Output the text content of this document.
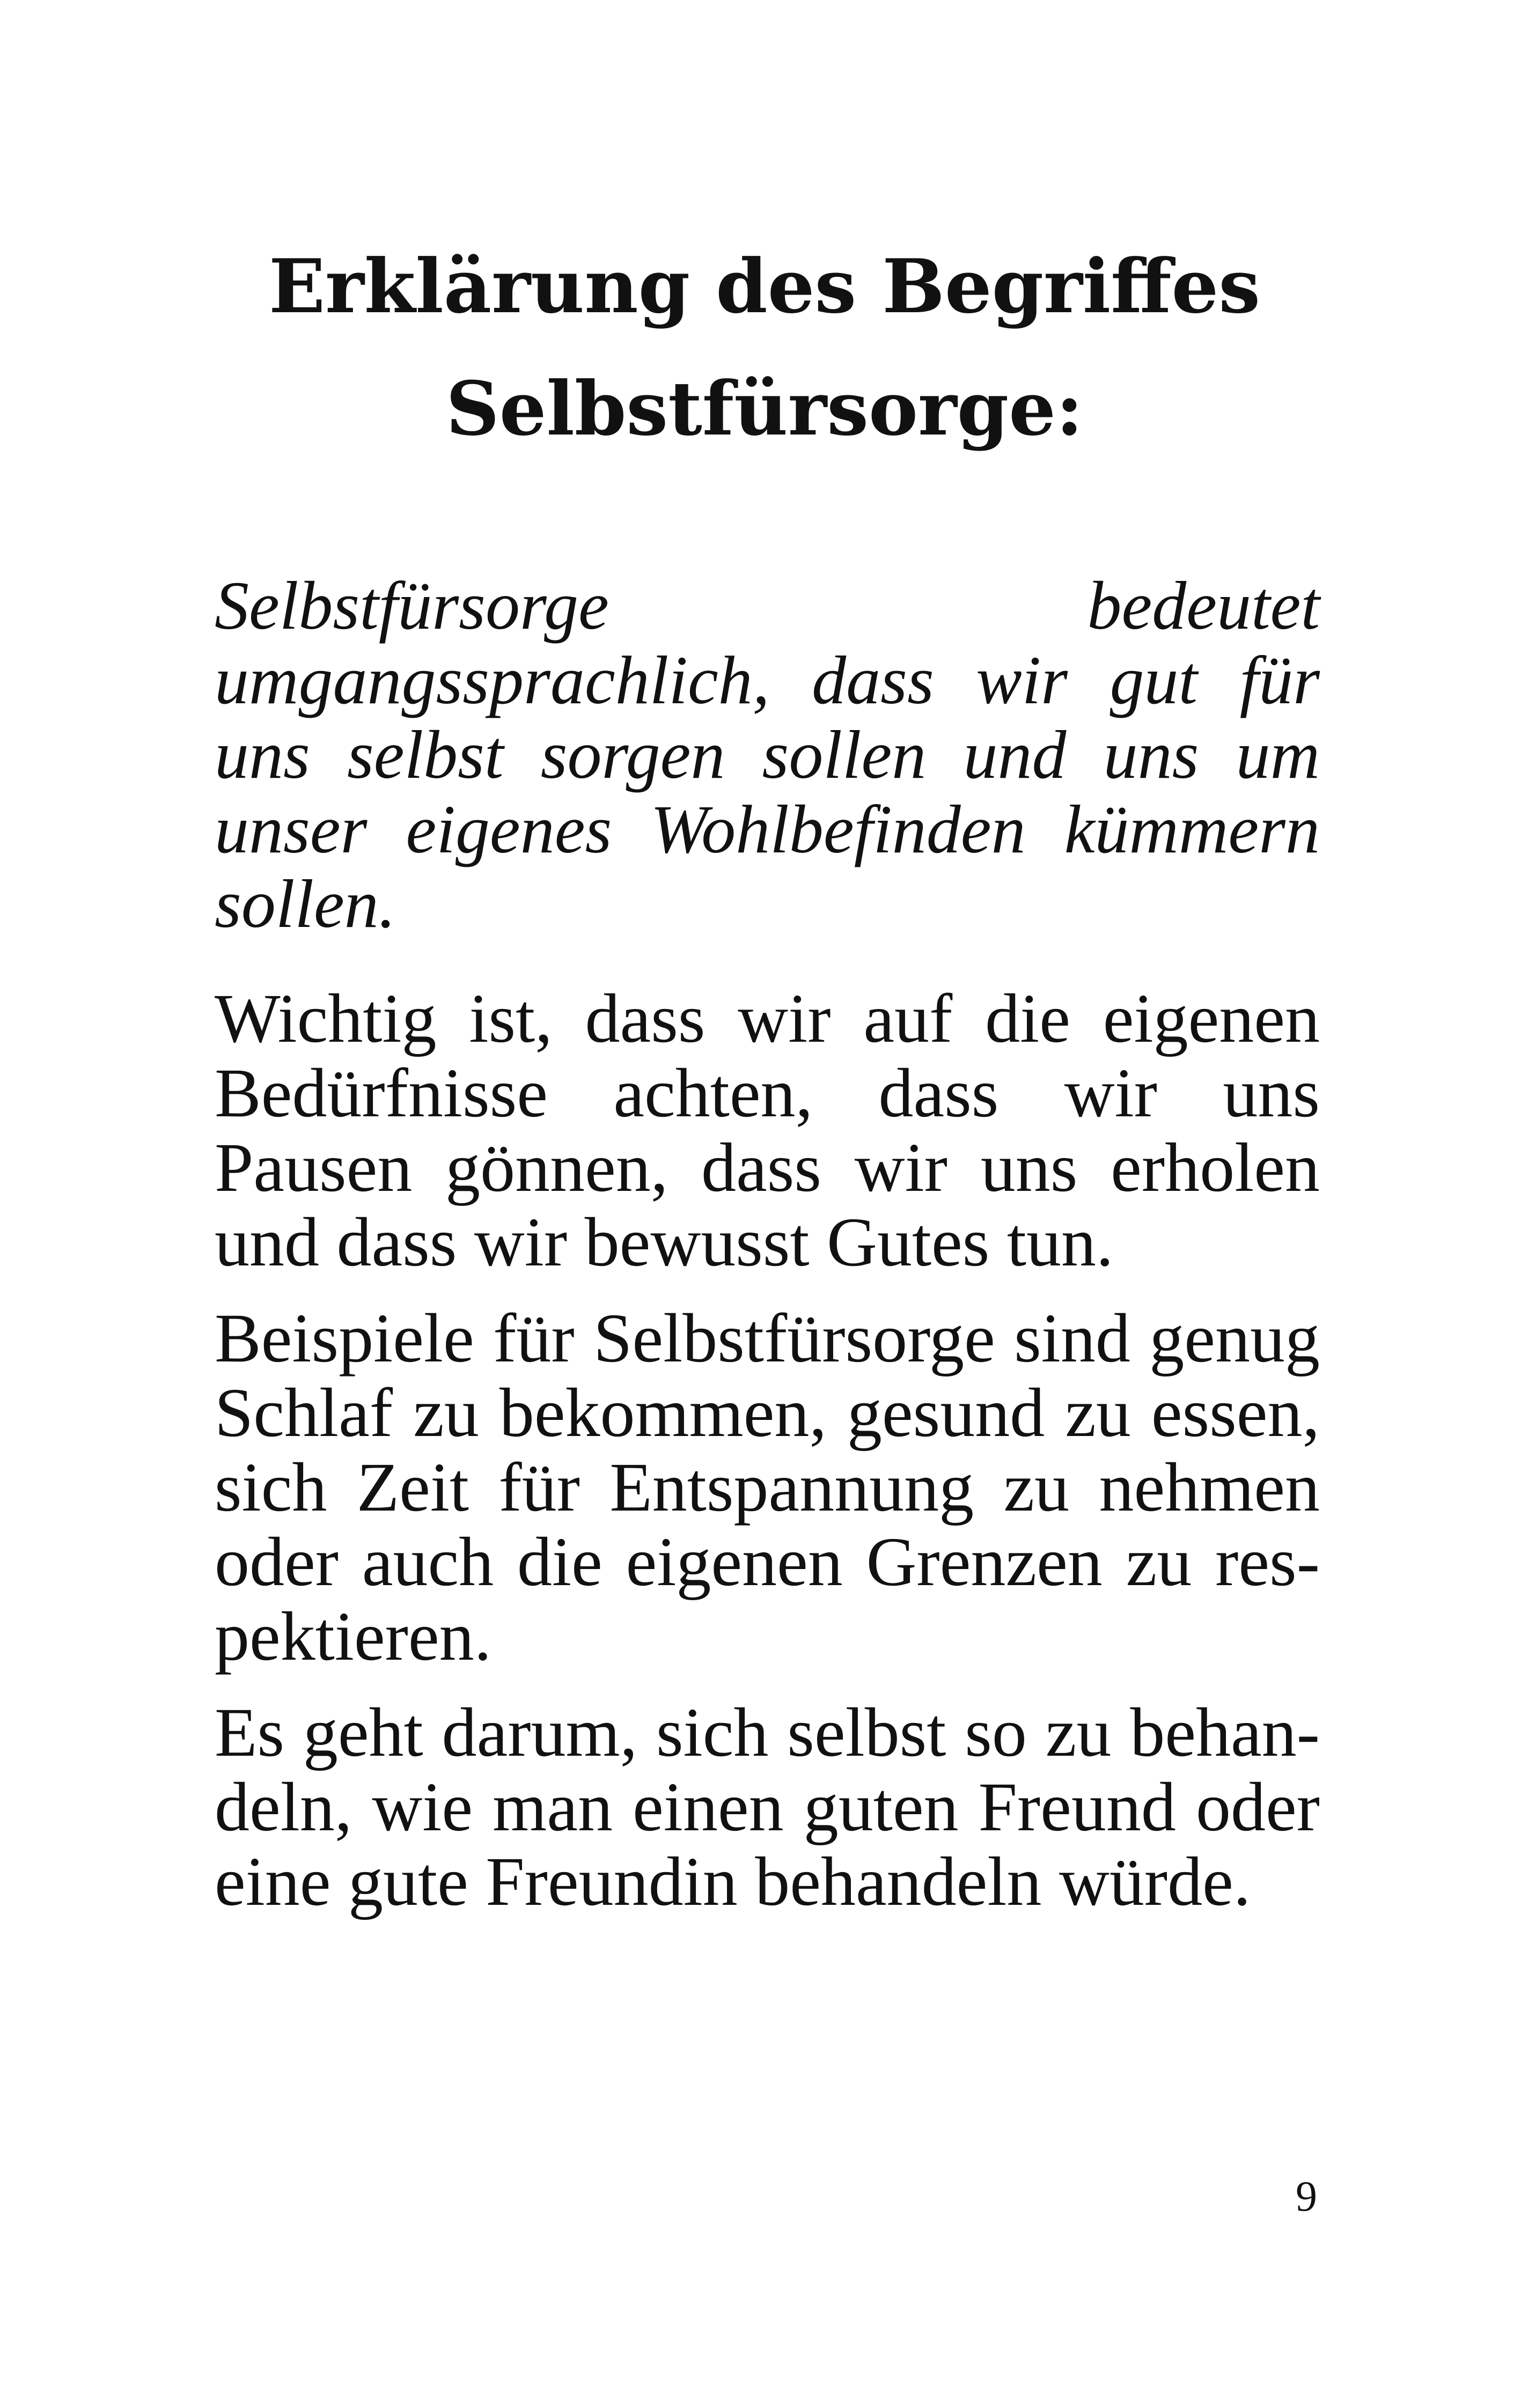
Erklärung des Begriffes
Selbstfürsorge:

Selbstfürsorge bedeutet umgangssprachlich, dass wir gut für uns selbst sorgen sollen und uns um unser eigenes Wohlbefinden kümmern sollen.

Wichtig ist, dass wir auf die eigenen Bedürfnisse achten, dass wir uns Pausen gönnen, dass wir uns erholen und dass wir bewusst Gutes tun.

Beispiele für Selbstfürsorge sind genug Schlaf zu bekommen, gesund zu essen, sich Zeit für Entspannung zu nehmen oder auch die eigenen Grenzen zu respektieren.

Es geht darum, sich selbst so zu behandeln, wie man einen guten Freund oder eine gute Freundin behandeln würde.

9
